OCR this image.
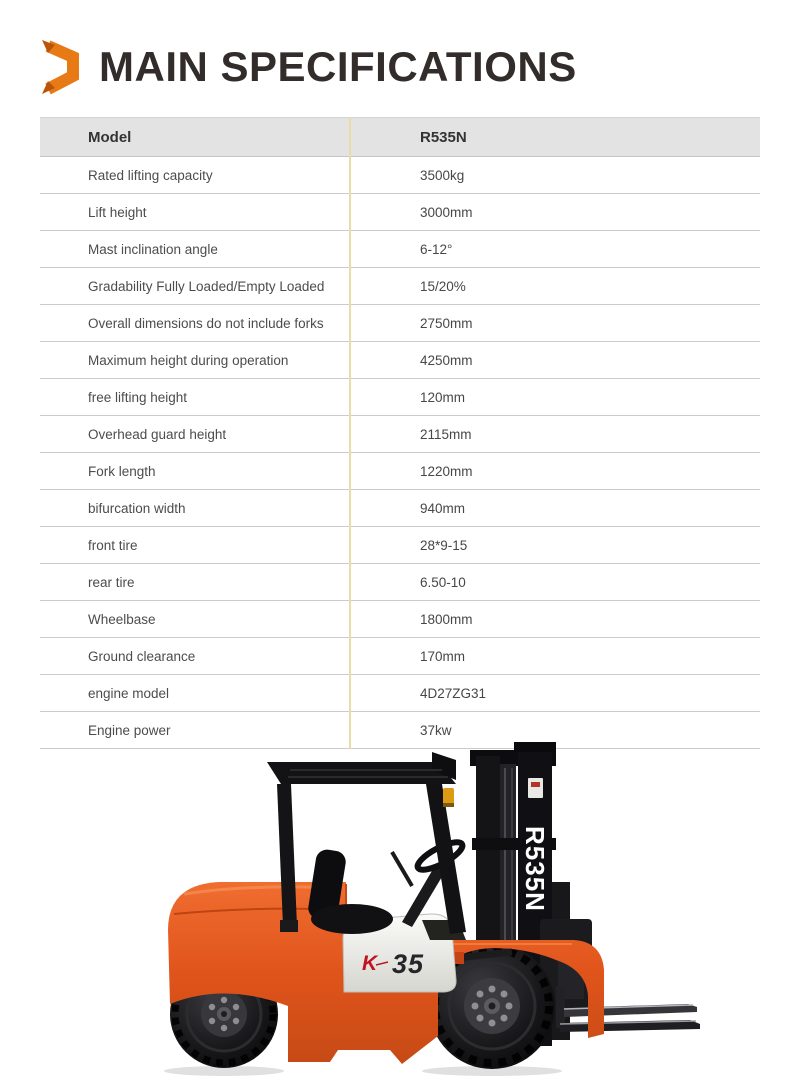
MAIN SPECIFICATIONS
Model	R535N
Rated lifting capacity	3500kg
Lift height	3000mm
Mast inclination angle	6-12°
Gradability Fully Loaded/Empty Loaded	15/20%
Overall dimensions do not include forks	2750mm
Maximum height during operation	4250mm
free lifting height	120mm
Overhead guard height	2115mm
Fork length	1220mm
bifurcation width	940mm
front tire	28*9-15
rear tire	6.50-10
Wheelbase	1800mm
Ground clearance	170mm
engine model	4D27ZG31
Engine power	37kw
R535N
K 35
